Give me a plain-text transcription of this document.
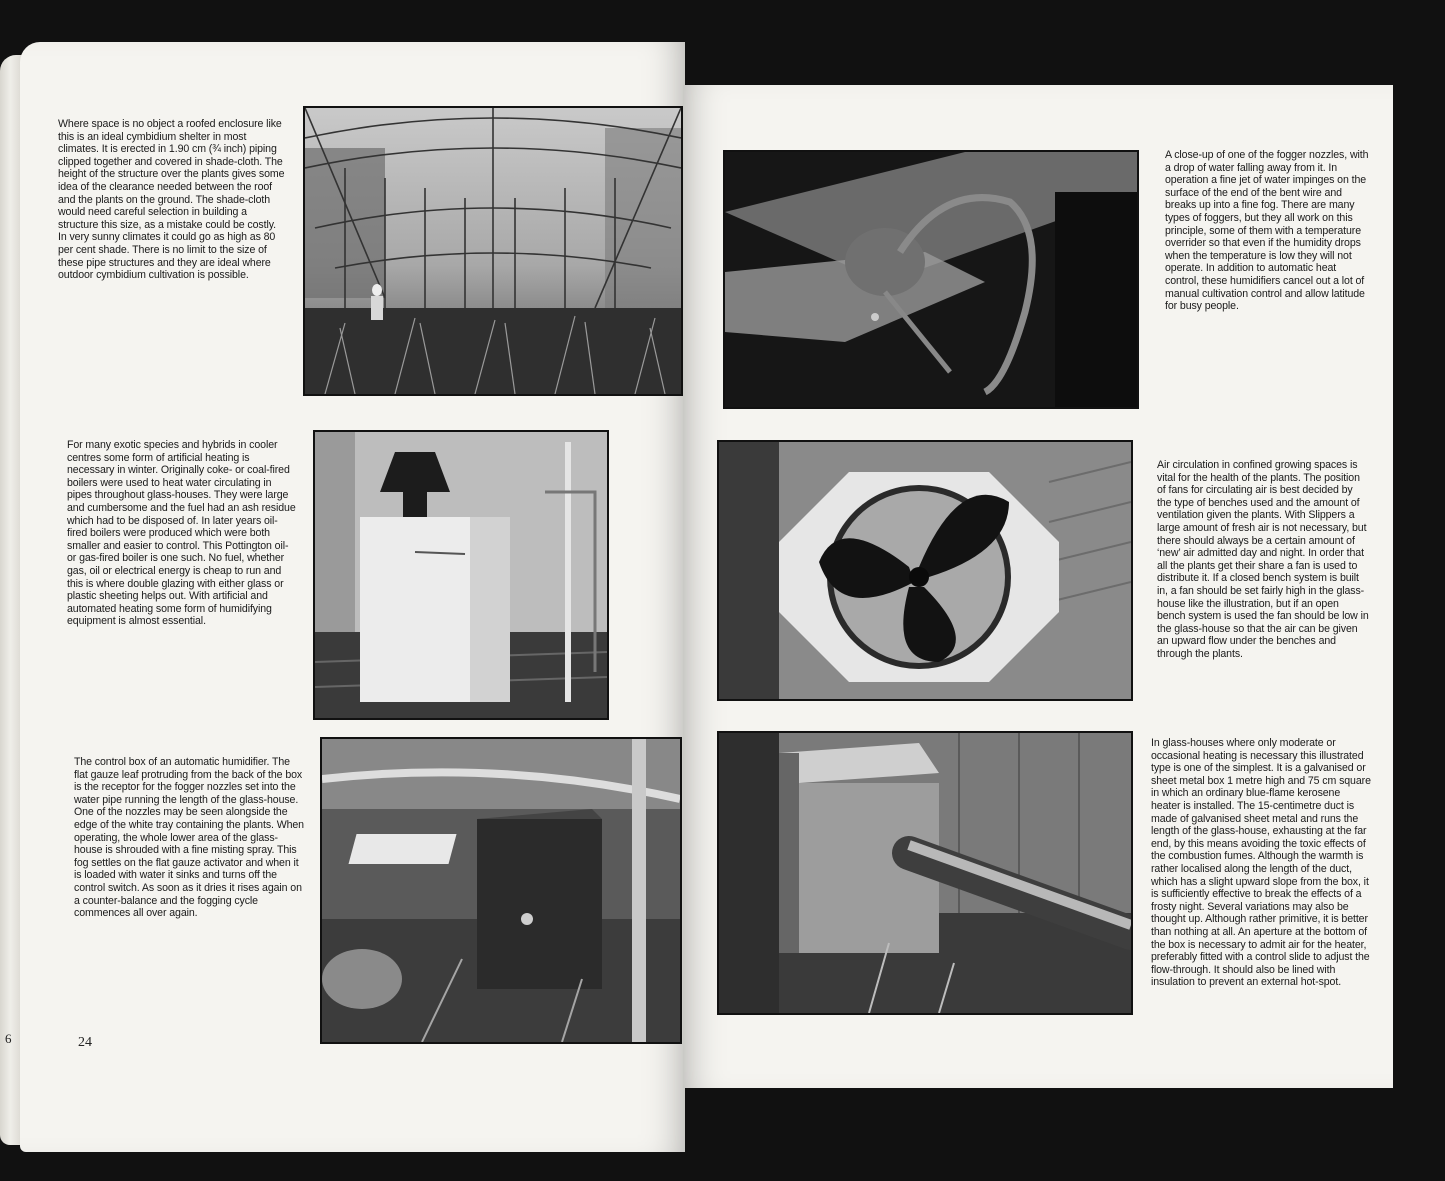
Where space is no object a roofed enclosure like this is an ideal cymbidium shelter in most climates. It is erected in 1.90 cm (¾ inch) piping clipped together and covered in shade-cloth. The height of the structure over the plants gives some idea of the clearance needed between the roof and the plants on the ground. The shade-cloth would need careful selection in building a structure this size, as a mistake could be costly. In very sunny climates it could go as high as 80 per cent shade. There is no limit to the size of these pipe structures and they are ideal where outdoor cymbidium cultivation is possible.

For many exotic species and hybrids in cooler centres some form of artificial heating is necessary in winter. Originally coke- or coal-fired boilers were used to heat water circulating in pipes throughout glass-houses. They were large and cumbersome and the fuel had an ash residue which had to be disposed of. In later years oil-fired boilers were produced which were both smaller and easier to control. This Pottington oil- or gas-fired boiler is one such. No fuel, whether gas, oil or electrical energy is cheap to run and this is where double glazing with either glass or plastic sheeting helps out. With artificial and automated heating some form of humidifying equipment is almost essential.

The control box of an automatic humidifier. The flat gauze leaf protruding from the back of the box is the receptor for the fogger nozzles set into the water pipe running the length of the glass-house. One of the nozzles may be seen alongside the edge of the white tray containing the plants. When operating, the whole lower area of the glass-house is shrouded with a fine misting spray. This fog settles on the flat gauze activator and when it is loaded with water it sinks and turns off the control switch. As soon as it dries it rises again on a counter-balance and the fogging cycle commences all over again.

24
6

A close-up of one of the fogger nozzles, with a drop of water falling away from it. In operation a fine jet of water impinges on the surface of the end of the bent wire and breaks up into a fine fog. There are many types of foggers, but they all work on this principle, some of them with a temperature overrider so that even if the humidity drops when the temperature is low they will not operate. In addition to automatic heat control, these humidifiers cancel out a lot of manual cultivation control and allow latitude for busy people.

Air circulation in confined growing spaces is vital for the health of the plants. The position of fans for circulating air is best decided by the type of benches used and the amount of ventilation given the plants. With Slippers a large amount of fresh air is not necessary, but there should always be a certain amount of ‘new’ air admitted day and night. In order that all the plants get their share a fan is used to distribute it. If a closed bench system is built in, a fan should be set fairly high in the glass-house like the illustration, but if an open bench system is used the fan should be low in the glass-house so that the air can be given an upward flow under the benches and through the plants.

In glass-houses where only moderate or occasional heating is necessary this illustrated type is one of the simplest. It is a galvanised or sheet metal box 1 metre high and 75 cm square in which an ordinary blue-flame kerosene heater is installed. The 15-centimetre duct is made of galvanised sheet metal and runs the length of the glass-house, exhausting at the far end, by this means avoiding the toxic effects of the combustion fumes. Although the warmth is rather localised along the length of the duct, which has a slight upward slope from the box, it is sufficiently effective to break the effects of a frosty night. Several variations may also be thought up. Although rather primitive, it is better than nothing at all. An aperture at the bottom of the box is necessary to admit air for the heater, preferably fitted with a control slide to adjust the flow-through. It should also be lined with insulation to prevent an external hot-spot.
